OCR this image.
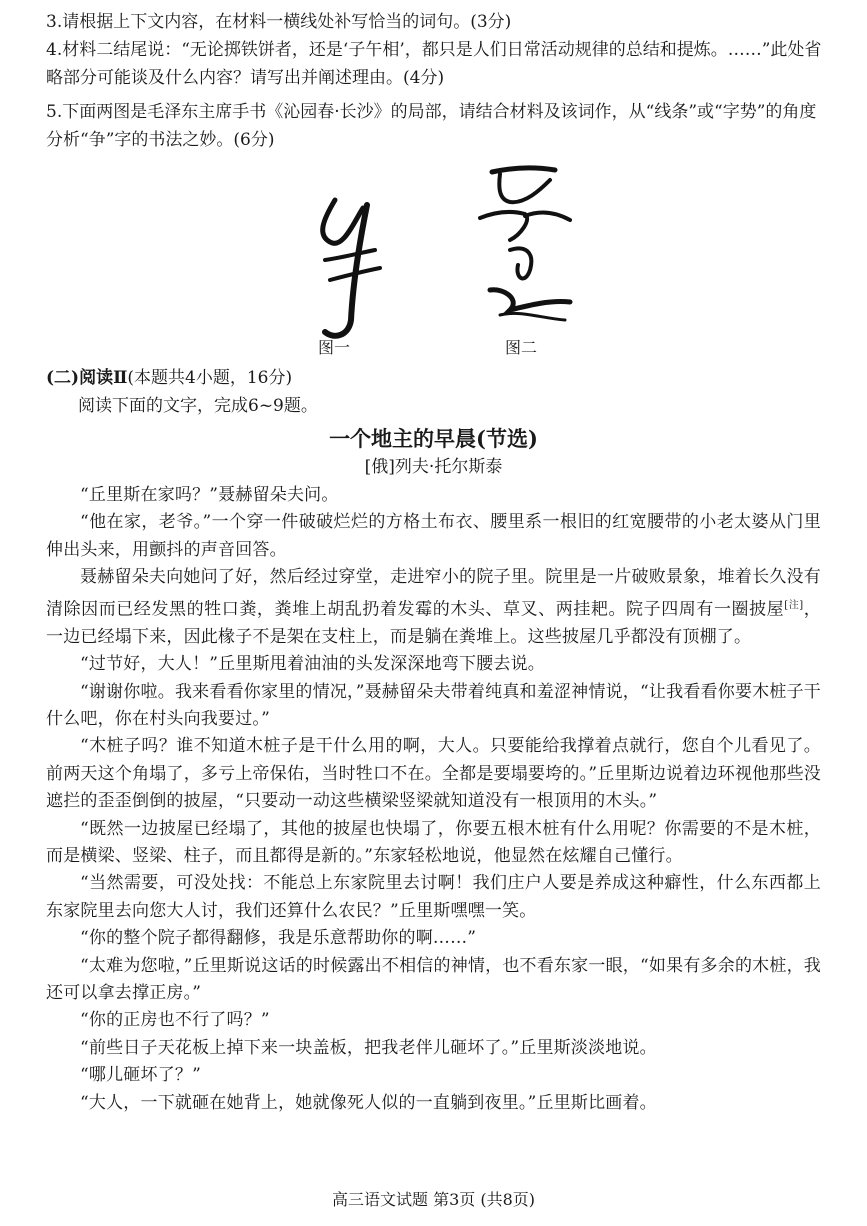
3.请根据上下文内容，在材料一横线处补写恰当的词句。(3分)

4.材料二结尾说：“无论掷铁饼者，还是‘子午相’，都只是人们日常活动规律的总结和提炼。……”此处省略部分可能谈及什么内容？请写出并阐述理由。(4分)

5.下面两图是毛泽东主席手书《沁园春·长沙》的局部，请结合材料及该词作，从“线条”或“字势”的角度分析“争”字的书法之妙。(6分)

图一	图二
(二)阅读Ⅱ(本题共4小题，16分)
阅读下面的文字，完成6~9题。
一个地主的早晨(节选)
[俄]列夫·托尔斯泰

“丘里斯在家吗？”聂赫留朵夫问。

“他在家，老爷。”一个穿一件破破烂烂的方格土布衣、腰里系一根旧的红宽腰带的小老太婆从门里伸出头来，用颤抖的声音回答。

聂赫留朵夫向她问了好，然后经过穿堂，走进窄小的院子里。院里是一片破败景象，堆着长久没有清除因而已经发黑的牲口粪，粪堆上胡乱扔着发霉的木头、草叉、两挂耙。院子四周有一圈披屋[注]，一边已经塌下来，因此椽子不是架在支柱上，而是躺在粪堆上。这些披屋几乎都没有顶棚了。

“过节好，大人！”丘里斯甩着油油的头发深深地弯下腰去说。

“谢谢你啦。我来看看你家里的情况，”聂赫留朵夫带着纯真和羞涩神情说，“让我看看你要木桩子干什么吧，你在村头向我要过。”

“木桩子吗？谁不知道木桩子是干什么用的啊，大人。只要能给我撑着点就行，您自个儿看见了。前两天这个角塌了，多亏上帝保佑，当时牲口不在。全都是要塌要垮的。”丘里斯边说着边环视他那些没遮拦的歪歪倒倒的披屋，“只要动一动这些横梁竖梁就知道没有一根顶用的木头。”

“既然一边披屋已经塌了，其他的披屋也快塌了，你要五根木桩有什么用呢？你需要的不是木桩，而是横梁、竖梁、柱子，而且都得是新的。”东家轻松地说，他显然在炫耀自己懂行。

“当然需要，可没处找：不能总上东家院里去讨啊！我们庄户人要是养成这种癖性，什么东西都上东家院里去向您大人讨，我们还算什么农民？”丘里斯嘿嘿一笑。

“你的整个院子都得翻修，我是乐意帮助你的啊……”

“太难为您啦，”丘里斯说这话的时候露出不相信的神情，也不看东家一眼，“如果有多余的木桩，我还可以拿去撑正房。”

“你的正房也不行了吗？”

“前些日子天花板上掉下来一块盖板，把我老伴儿砸坏了。”丘里斯淡淡地说。

“哪儿砸坏了？”

“大人，一下就砸在她背上，她就像死人似的一直躺到夜里。”丘里斯比画着。

高三语文试题 第3页 (共8页)
